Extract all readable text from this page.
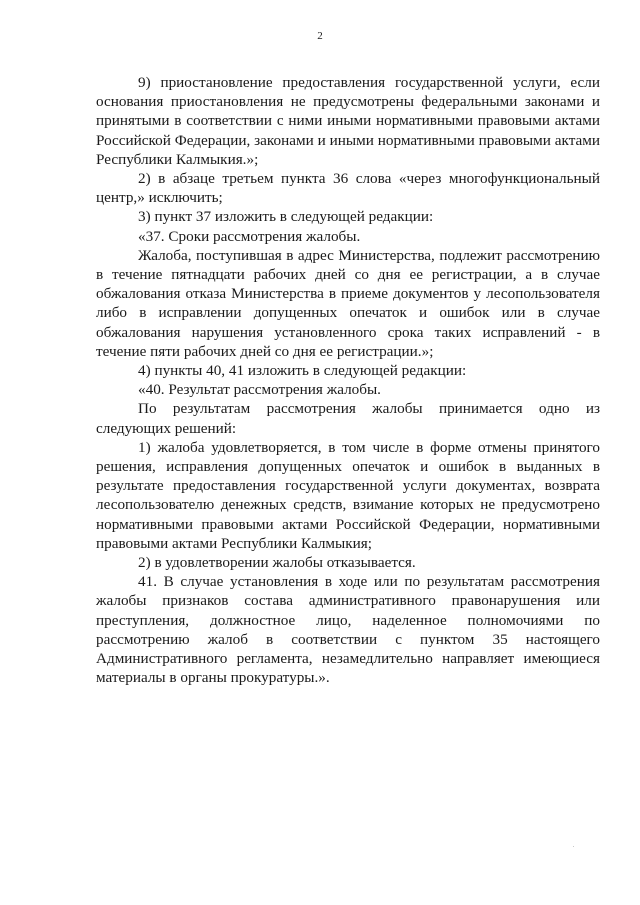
2

9) приостановление предоставления государственной услуги, если основания приостановления не предусмотрены федеральными законами и принятыми в соответствии с ними иными нормативными правовыми актами Российской Федерации, законами и иными нормативными правовыми актами Республики Калмыкия.»;

2) в абзаце третьем пункта 36 слова «через многофункциональный центр,» исключить;

3) пункт 37 изложить в следующей редакции:

«37. Сроки рассмотрения жалобы.

Жалоба, поступившая в адрес Министерства, подлежит рассмотрению в течение пятнадцати рабочих дней со дня ее регистрации, а в случае обжалования отказа Министерства в приеме документов у лесопользователя либо в исправлении допущенных опечаток и ошибок или в случае обжалования нарушения установленного срока таких исправлений - в течение пяти рабочих дней со дня ее регистрации.»;

4) пункты 40, 41 изложить в следующей редакции:

«40. Результат рассмотрения жалобы.

По результатам рассмотрения жалобы принимается одно из следующих решений:

1) жалоба удовлетворяется, в том числе в форме отмены принятого решения, исправления допущенных опечаток и ошибок в выданных в результате предоставления государственной услуги документах, возврата лесопользователю денежных средств, взимание которых не предусмотрено нормативными правовыми актами Российской Федерации, нормативными правовыми актами Республики Калмыкия;

2) в удовлетворении жалобы отказывается.

41. В случае установления в ходе или по результатам рассмотрения жалобы признаков состава административного правонарушения или преступления, должностное лицо, наделенное полномочиями по рассмотрению жалоб в соответствии с пунктом 35 настоящего Административного регламента, незамедлительно направляет имеющиеся материалы в органы прокуратуры.».
